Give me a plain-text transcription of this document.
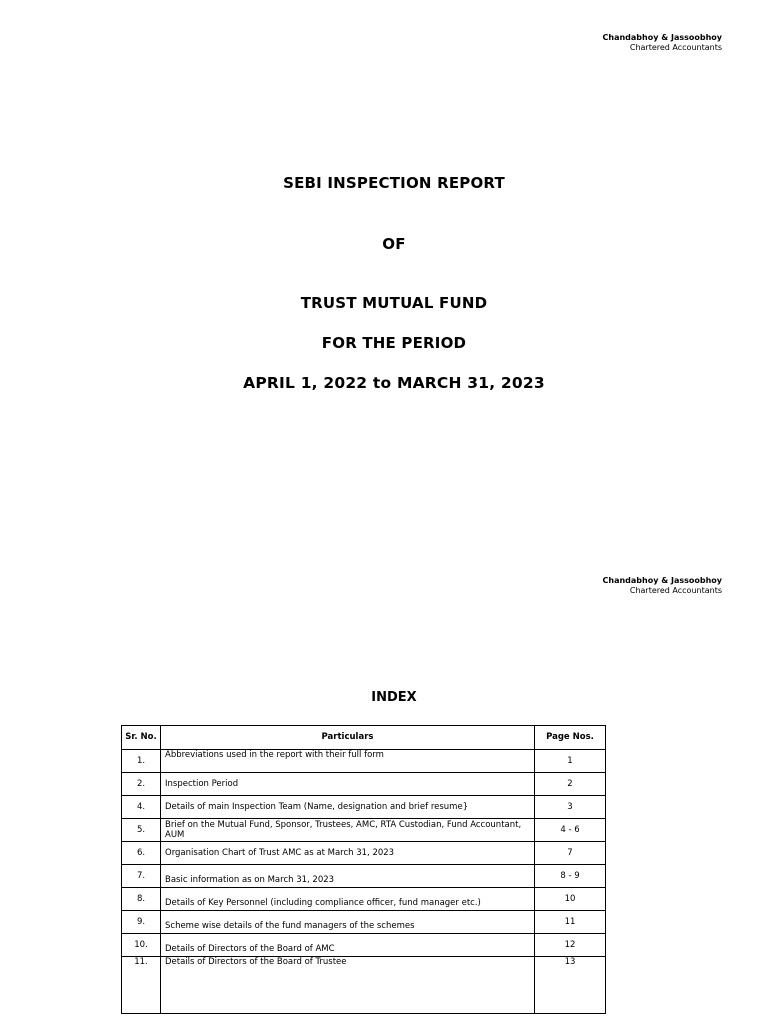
Chandabhoy & Jassoobhoy
Chartered Accountants
SEBI INSPECTION REPORT
OF
TRUST MUTUAL FUND
FOR THE PERIOD
APRIL 1, 2022 to MARCH 31, 2023
Chandabhoy & Jassoobhoy
Chartered Accountants
INDEX
Sr. No.	Particulars	Page Nos.
1.	Abbreviations used in the report with their full form	1
2.	Inspection Period	2
4.	Details of main Inspection Team (Name, designation and brief resume}	3
5.	Brief on the Mutual Fund, Sponsor, Trustees, AMC, RTA Custodian, Fund Accountant, AUM	4 - 6
6.	Organisation Chart of Trust AMC as at March 31, 2023	7
7.	Basic information as on March 31, 2023	8 - 9
8.	Details of Key Personnel (including compliance officer, fund manager etc.)	10
9.	Scheme wise details of the fund managers of the schemes	11
10.	Details of Directors of the Board of AMC	12
11.	Details of Directors of the Board of Trustee	13
